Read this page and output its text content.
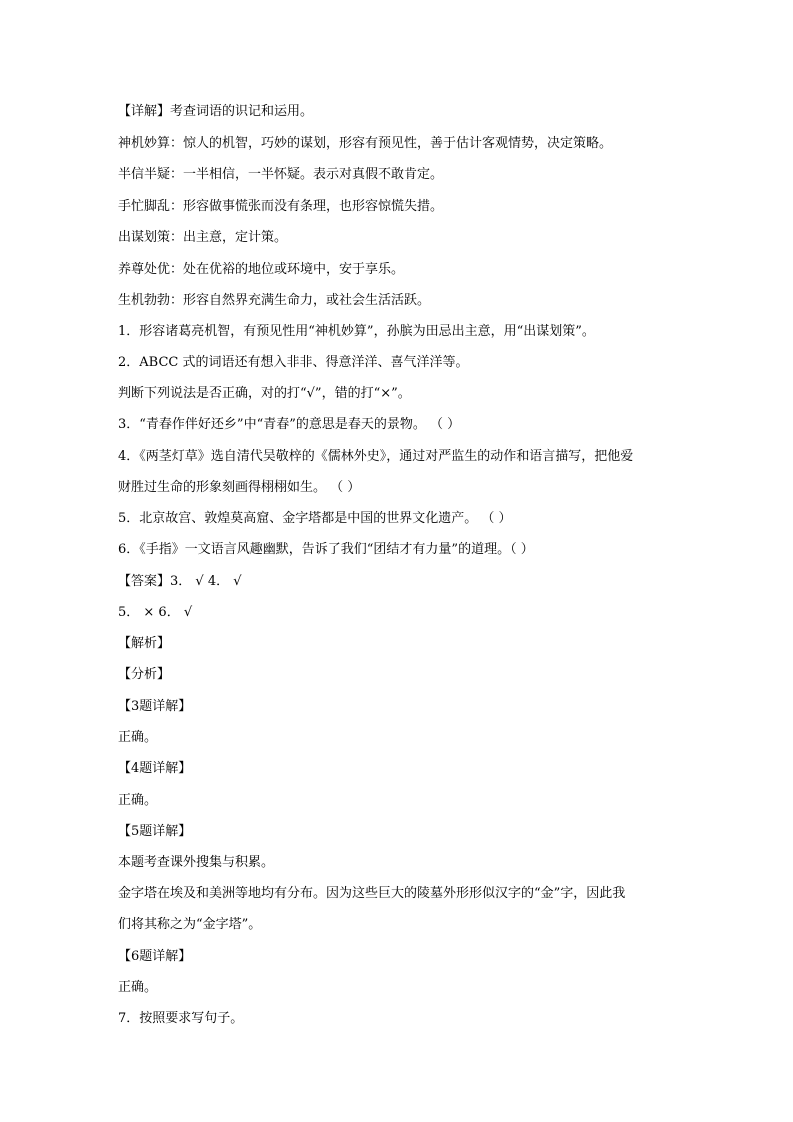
【详解】考查词语的识记和运用。
神机妙算：惊人的机智，巧妙的谋划，形容有预见性，善于估计客观情势，决定策略。
半信半疑：一半相信，一半怀疑。表示对真假不敢肯定。
手忙脚乱：形容做事慌张而没有条理，也形容惊慌失措。
出谋划策：出主意，定计策。
养尊处优：处在优裕的地位或环境中，安于享乐。
生机勃勃：形容自然界充满生命力，或社会生活活跃。
1．形容诸葛亮机智，有预见性用“神机妙算”，孙膑为田忌出主意，用“出谋划策”。
2．ABCC 式的词语还有想入非非、得意洋洋、喜气洋洋等。
判断下列说法是否正确，对的打“√”，错的打“×”。
3．“青春作伴好还乡”中“青春”的意思是春天的景物。 （ ）
4．《两茎灯草》选自清代吴敬梓的《儒林外史》，通过对严监生的动作和语言描写，把他爱
财胜过生命的形象刻画得栩栩如生。 （ ）
5．北京故宫、敦煌莫高窟、金字塔都是中国的世界文化遗产。 （ ）
6．《手指》一文语言风趣幽默，告诉了我们“团结才有力量”的道理。（ ）
【答案】3． √ 4． √
5． × 6． √
【解析】
【分析】
【3题详解】
正确。
【4题详解】
正确。
【5题详解】
本题考查课外搜集与积累。
金字塔在埃及和美洲等地均有分布。因为这些巨大的陵墓外形形似汉字的“金”字，因此我
们将其称之为“金字塔”。
【6题详解】
正确。
7．按照要求写句子。
